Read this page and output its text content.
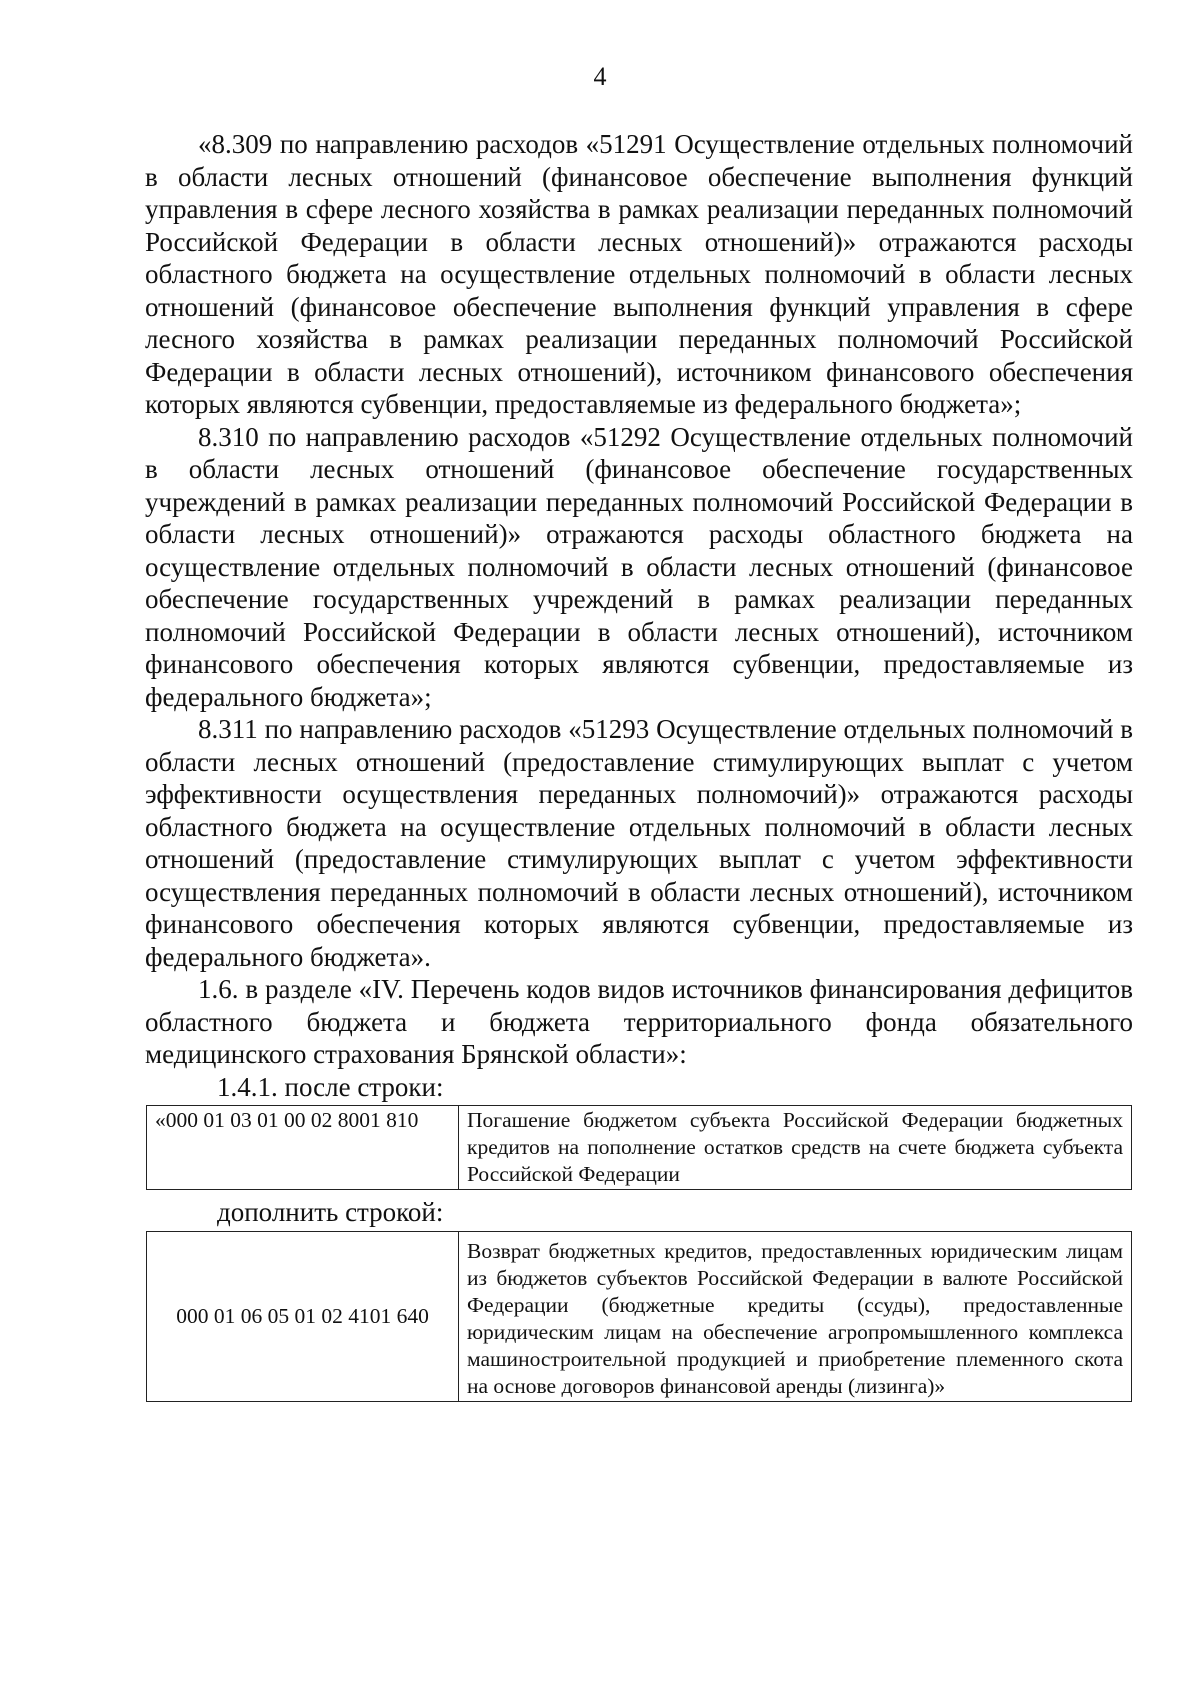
4

«8.309 по направлению расходов «51291 Осуществление отдельных полномочий в области лесных отношений (финансовое обеспечение выполнения функций управления в сфере лесного хозяйства в рамках реализации переданных полномочий Российской Федерации в области лесных отношений)» отражаются расходы областного бюджета на осуществление отдельных полномочий в области лесных отношений (финансовое обеспечение выполнения функций управления в сфере лесного хозяйства в рамках реализации переданных полномочий Российской Федерации в области лесных отношений), источником финансового обеспечения которых являются субвенции, предоставляемые из федерального бюджета»;

8.310 по направлению расходов «51292 Осуществление отдельных полномочий в области лесных отношений (финансовое обеспечение государственных учреждений в рамках реализации переданных полномочий Российской Федерации в области лесных отношений)» отражаются расходы областного бюджета на осуществление отдельных полномочий в области лесных отношений (финансовое обеспечение государственных учреждений в рамках реализации переданных полномочий Российской Федерации в области лесных отношений), источником финансового обеспечения которых являются субвенции, предоставляемые из федерального бюджета»;

8.311 по направлению расходов «51293 Осуществление отдельных полномочий в области лесных отношений (предоставление стимулирующих выплат с учетом эффективности осуществления переданных полномочий)» отражаются расходы областного бюджета на осуществление отдельных полномочий в области лесных отношений (предоставление стимулирующих выплат с учетом эффективности осуществления переданных полномочий в области лесных отношений), источником финансового обеспечения которых являются субвенции, предоставляемые из федерального бюджета».

1.6. в разделе «IV. Перечень кодов видов источников финансирования дефицитов областного бюджета и бюджета территориального фонда обязательного медицинского страхования Брянской области»:

1.4.1. после строки:

«000 01 03 01 00 02 8001 810	Погашение бюджетом субъекта Российской Федерации бюджетных кредитов на пополнение остатков средств на счете бюджета субъекта Российской Федерации

дополнить строкой:

000 01 06 05 01 02 4101 640	Возврат бюджетных кредитов, предоставленных юридическим лицам из бюджетов субъектов Российской Федерации в валюте Российской Федерации (бюджетные кредиты (ссуды), предоставленные юридическим лицам на обеспечение агропромышленного комплекса машиностроительной продукцией и приобретение племенного скота на основе договоров финансовой аренды (лизинга)»
